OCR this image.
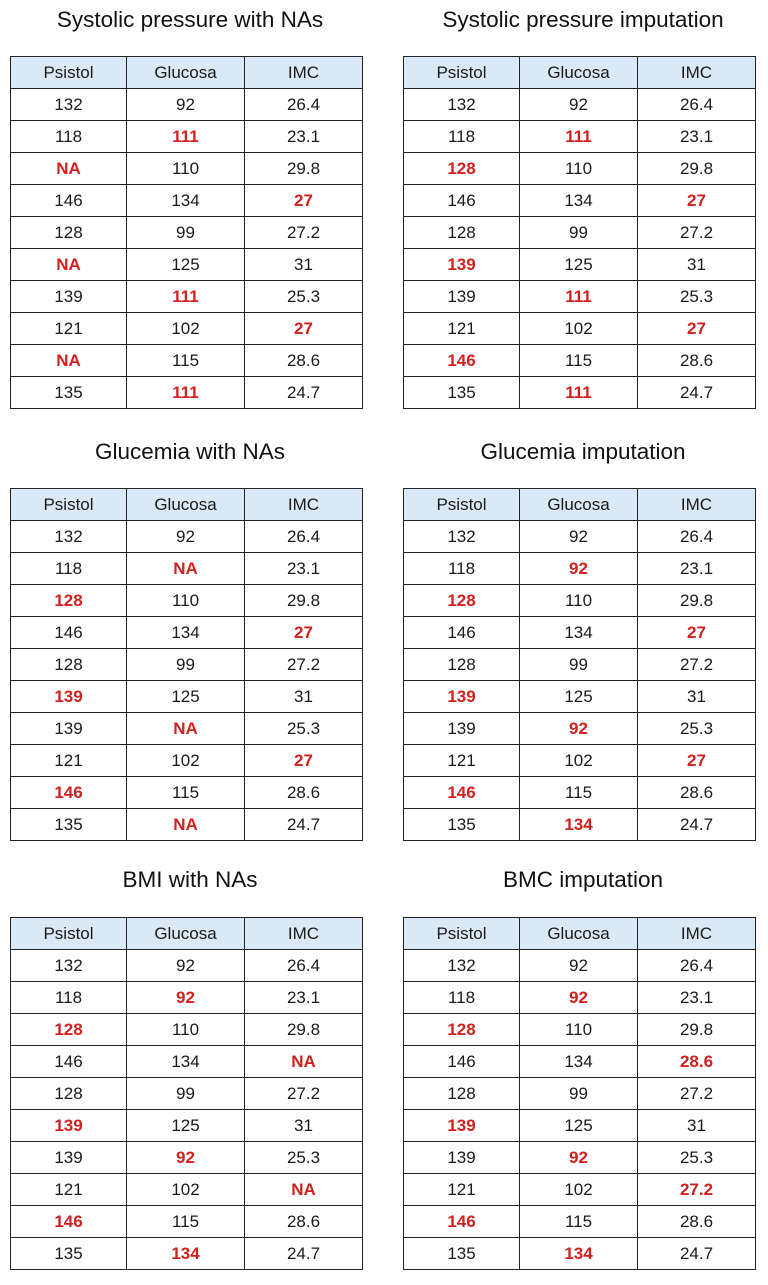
Systolic pressure with NAs
Psistol	Glucosa	IMC
132	92	26.4
118	111	23.1
NA	110	29.8
146	134	27
128	99	27.2
NA	125	31
139	111	25.3
121	102	27
NA	115	28.6
135	111	24.7
Systolic pressure imputation
Psistol	Glucosa	IMC
132	92	26.4
118	111	23.1
128	110	29.8
146	134	27
128	99	27.2
139	125	31
139	111	25.3
121	102	27
146	115	28.6
135	111	24.7
Glucemia with NAs
Psistol	Glucosa	IMC
132	92	26.4
118	NA	23.1
128	110	29.8
146	134	27
128	99	27.2
139	125	31
139	NA	25.3
121	102	27
146	115	28.6
135	NA	24.7
Glucemia imputation
Psistol	Glucosa	IMC
132	92	26.4
118	92	23.1
128	110	29.8
146	134	27
128	99	27.2
139	125	31
139	92	25.3
121	102	27
146	115	28.6
135	134	24.7
BMI with NAs
Psistol	Glucosa	IMC
132	92	26.4
118	92	23.1
128	110	29.8
146	134	NA
128	99	27.2
139	125	31
139	92	25.3
121	102	NA
146	115	28.6
135	134	24.7
BMC imputation
Psistol	Glucosa	IMC
132	92	26.4
118	92	23.1
128	110	29.8
146	134	28.6
128	99	27.2
139	125	31
139	92	25.3
121	102	27.2
146	115	28.6
135	134	24.7
